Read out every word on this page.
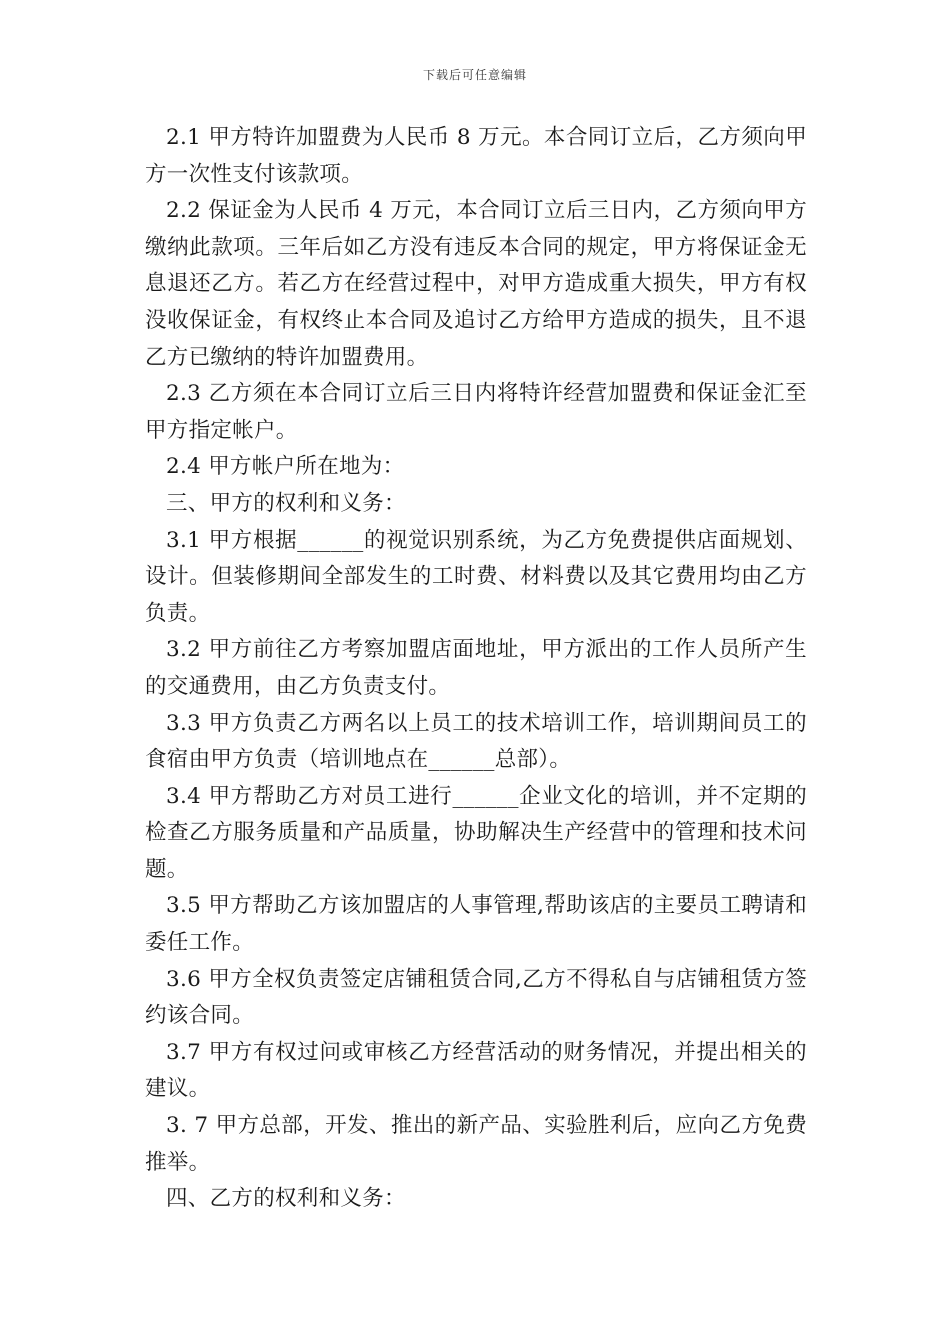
下载后可任意编辑

2.1 甲方特许加盟费为人民币 8 万元。本合同订立后，乙方须向甲方一次性支付该款项。

2.2 保证金为人民币 4 万元，本合同订立后三日内，乙方须向甲方缴纳此款项。三年后如乙方没有违反本合同的规定，甲方将保证金无息退还乙方。若乙方在经营过程中，对甲方造成重大损失，甲方有权没收保证金，有权终止本合同及追讨乙方给甲方造成的损失，且不退乙方已缴纳的特许加盟费用。

2.3 乙方须在本合同订立后三日内将特许经营加盟费和保证金汇至甲方指定帐户。

2.4 甲方帐户所在地为：

三、甲方的权利和义务：

3.1 甲方根据______的视觉识别系统，为乙方免费提供店面规划、设计。但装修期间全部发生的工时费、材料费以及其它费用均由乙方负责。

3.2 甲方前往乙方考察加盟店面地址，甲方派出的工作人员所产生的交通费用，由乙方负责支付。

3.3 甲方负责乙方两名以上员工的技术培训工作，培训期间员工的食宿由甲方负责（培训地点在______总部）。

3.4 甲方帮助乙方对员工进行______企业文化的培训，并不定期的检查乙方服务质量和产品质量，协助解决生产经营中的管理和技术问题。

3.5 甲方帮助乙方该加盟店的人事管理,帮助该店的主要员工聘请和委任工作。

3.6 甲方全权负责签定店铺租赁合同,乙方不得私自与店铺租赁方签约该合同。

3.7 甲方有权过问或审核乙方经营活动的财务情况，并提出相关的建议。

3. 7 甲方总部，开发、推出的新产品、实验胜利后，应向乙方免费推举。

四、乙方的权利和义务：
